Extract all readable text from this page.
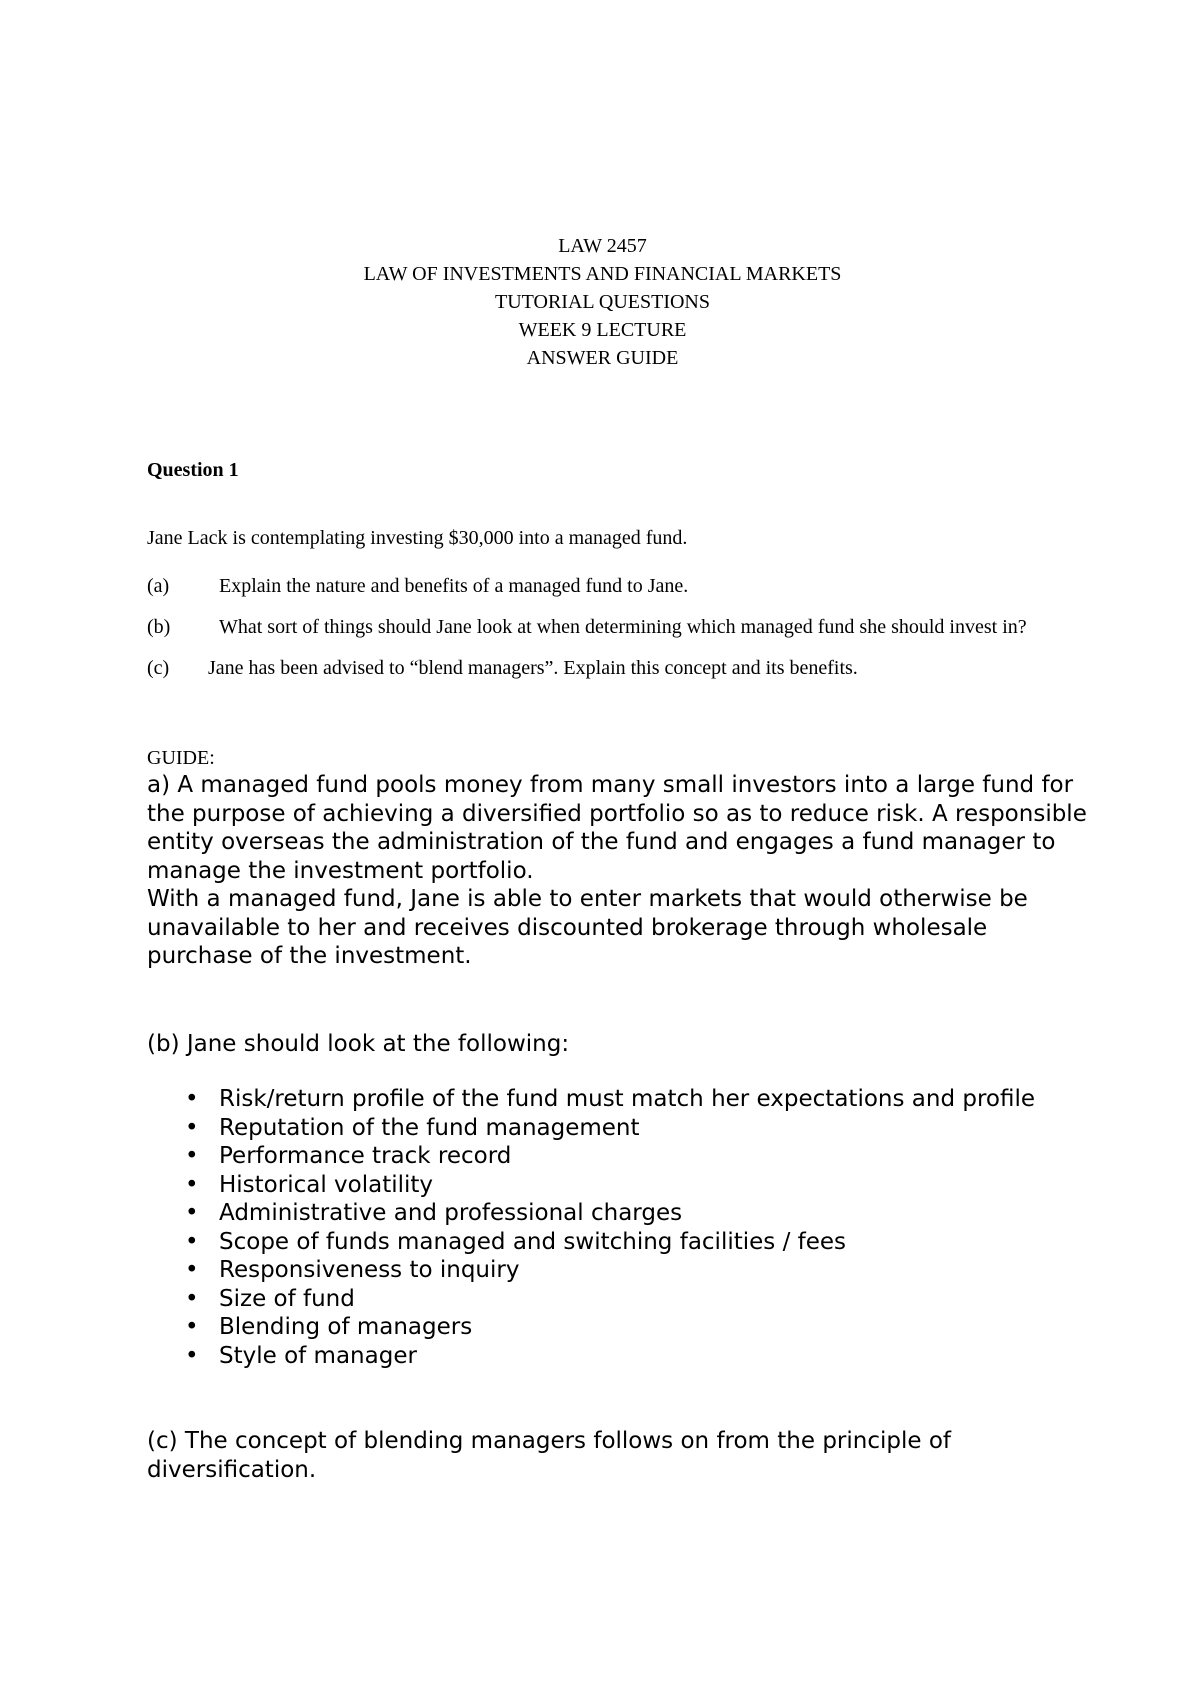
LAW 2457
LAW OF INVESTMENTS AND FINANCIAL MARKETS
TUTORIAL QUESTIONS
WEEK 9 LECTURE
ANSWER GUIDE
Question 1
Jane Lack is contemplating investing $30,000 into a managed fund.
(a) Explain the nature and benefits of a managed fund to Jane.
(b) What sort of things should Jane look at when determining which managed fund she should invest in?
(c) Jane has been advised to “blend managers”. Explain this concept and its benefits.
GUIDE:
a) A managed fund pools money from many small investors into a large fund for the purpose of achieving a diversified portfolio so as to reduce risk. A responsible entity overseas the administration of the fund and engages a fund manager to manage the investment portfolio.
With a managed fund, Jane is able to enter markets that would otherwise be unavailable to her and receives discounted brokerage through wholesale purchase of the investment.
(b) Jane should look at the following:
• Risk/return profile of the fund must match her expectations and profile
• Reputation of the fund management
• Performance track record
• Historical volatility
• Administrative and professional charges
• Scope of funds managed and switching facilities / fees
• Responsiveness to inquiry
• Size of fund
• Blending of managers
• Style of manager
(c) The concept of blending managers follows on from the principle of diversification.
